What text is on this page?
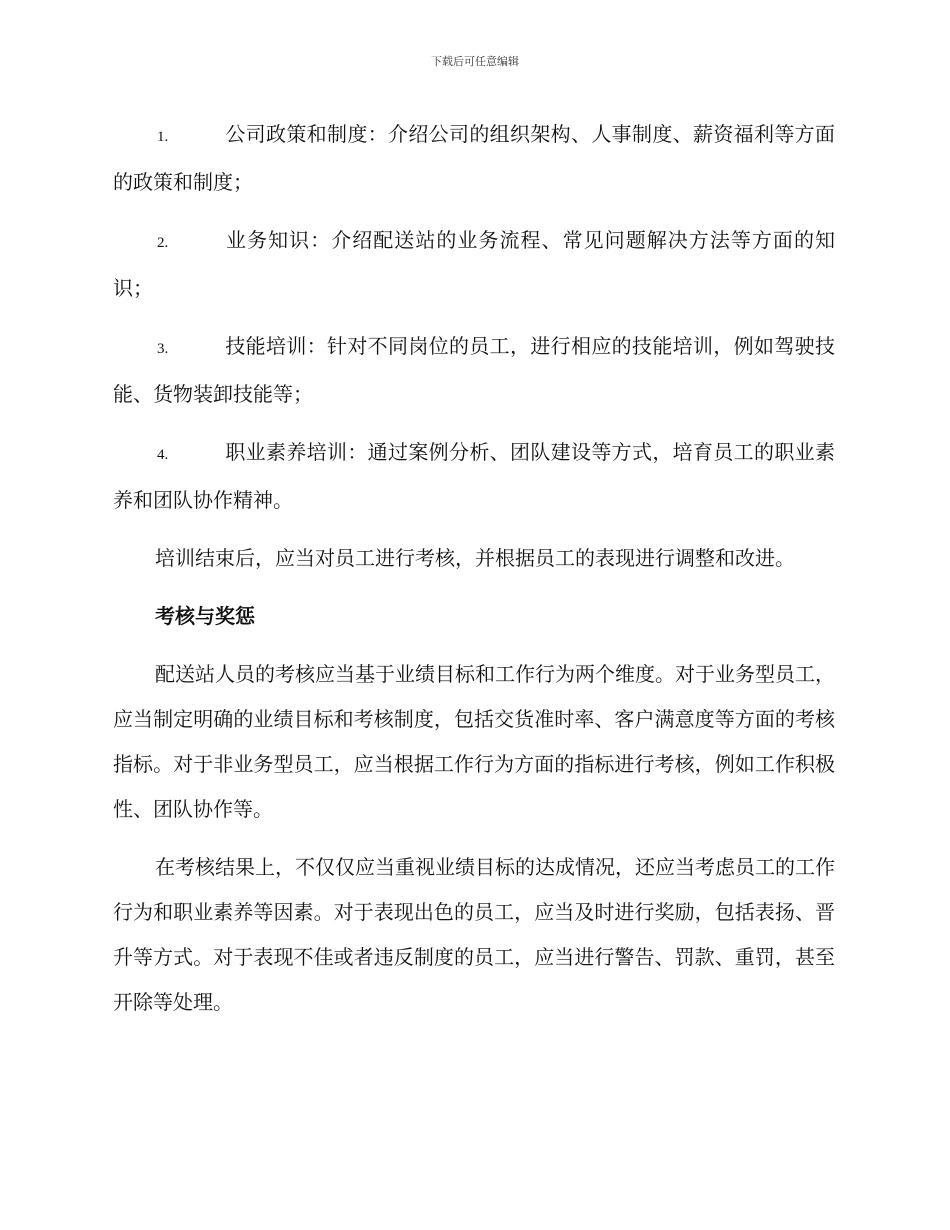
下载后可任意编辑

1.	公司政策和制度：介绍公司的组织架构、人事制度、薪资福利等方面的政策和制度；

2.	业务知识：介绍配送站的业务流程、常见问题解决方法等方面的知识；

3.	技能培训：针对不同岗位的员工，进行相应的技能培训，例如驾驶技能、货物装卸技能等；

4.	职业素养培训：通过案例分析、团队建设等方式，培育员工的职业素养和团队协作精神。

培训结束后，应当对员工进行考核，并根据员工的表现进行调整和改进。

考核与奖惩

配送站人员的考核应当基于业绩目标和工作行为两个维度。对于业务型员工，应当制定明确的业绩目标和考核制度，包括交货准时率、客户满意度等方面的考核指标。对于非业务型员工，应当根据工作行为方面的指标进行考核，例如工作积极性、团队协作等。

在考核结果上，不仅仅应当重视业绩目标的达成情况，还应当考虑员工的工作行为和职业素养等因素。对于表现出色的员工，应当及时进行奖励，包括表扬、晋升等方式。对于表现不佳或者违反制度的员工，应当进行警告、罚款、重罚，甚至开除等处理。
